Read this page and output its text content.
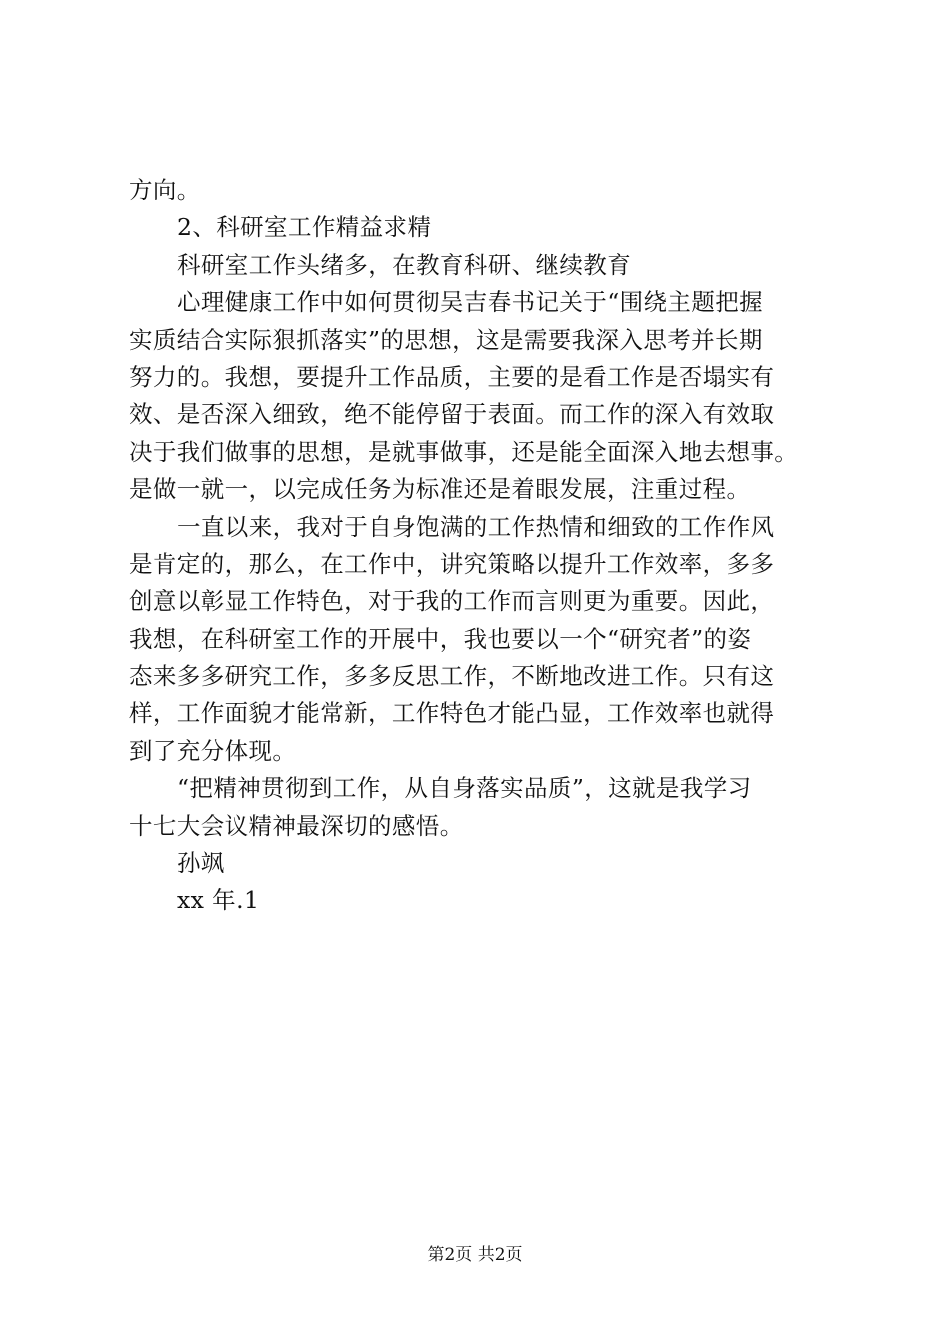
方向。
2、科研室工作精益求精
科研室工作头绪多，在教育科研、继续教育
心理健康工作中如何贯彻吴吉春书记关于“围绕主题把握
实质结合实际狠抓落实”的思想，这是需要我深入思考并长期
努力的。我想，要提升工作品质，主要的是看工作是否塌实有
效、是否深入细致，绝不能停留于表面。而工作的深入有效取
决于我们做事的思想，是就事做事，还是能全面深入地去想事。
是做一就一，以完成任务为标准还是着眼发展，注重过程。
一直以来，我对于自身饱满的工作热情和细致的工作作风
是肯定的，那么，在工作中，讲究策略以提升工作效率，多多
创意以彰显工作特色，对于我的工作而言则更为重要。因此，
我想，在科研室工作的开展中，我也要以一个“研究者”的姿
态来多多研究工作，多多反思工作，不断地改进工作。只有这
样，工作面貌才能常新，工作特色才能凸显，工作效率也就得
到了充分体现。
“把精神贯彻到工作，从自身落实品质”，这就是我学习
十七大会议精神最深切的感悟。
孙飒
xx 年.1
第2页 共2页
